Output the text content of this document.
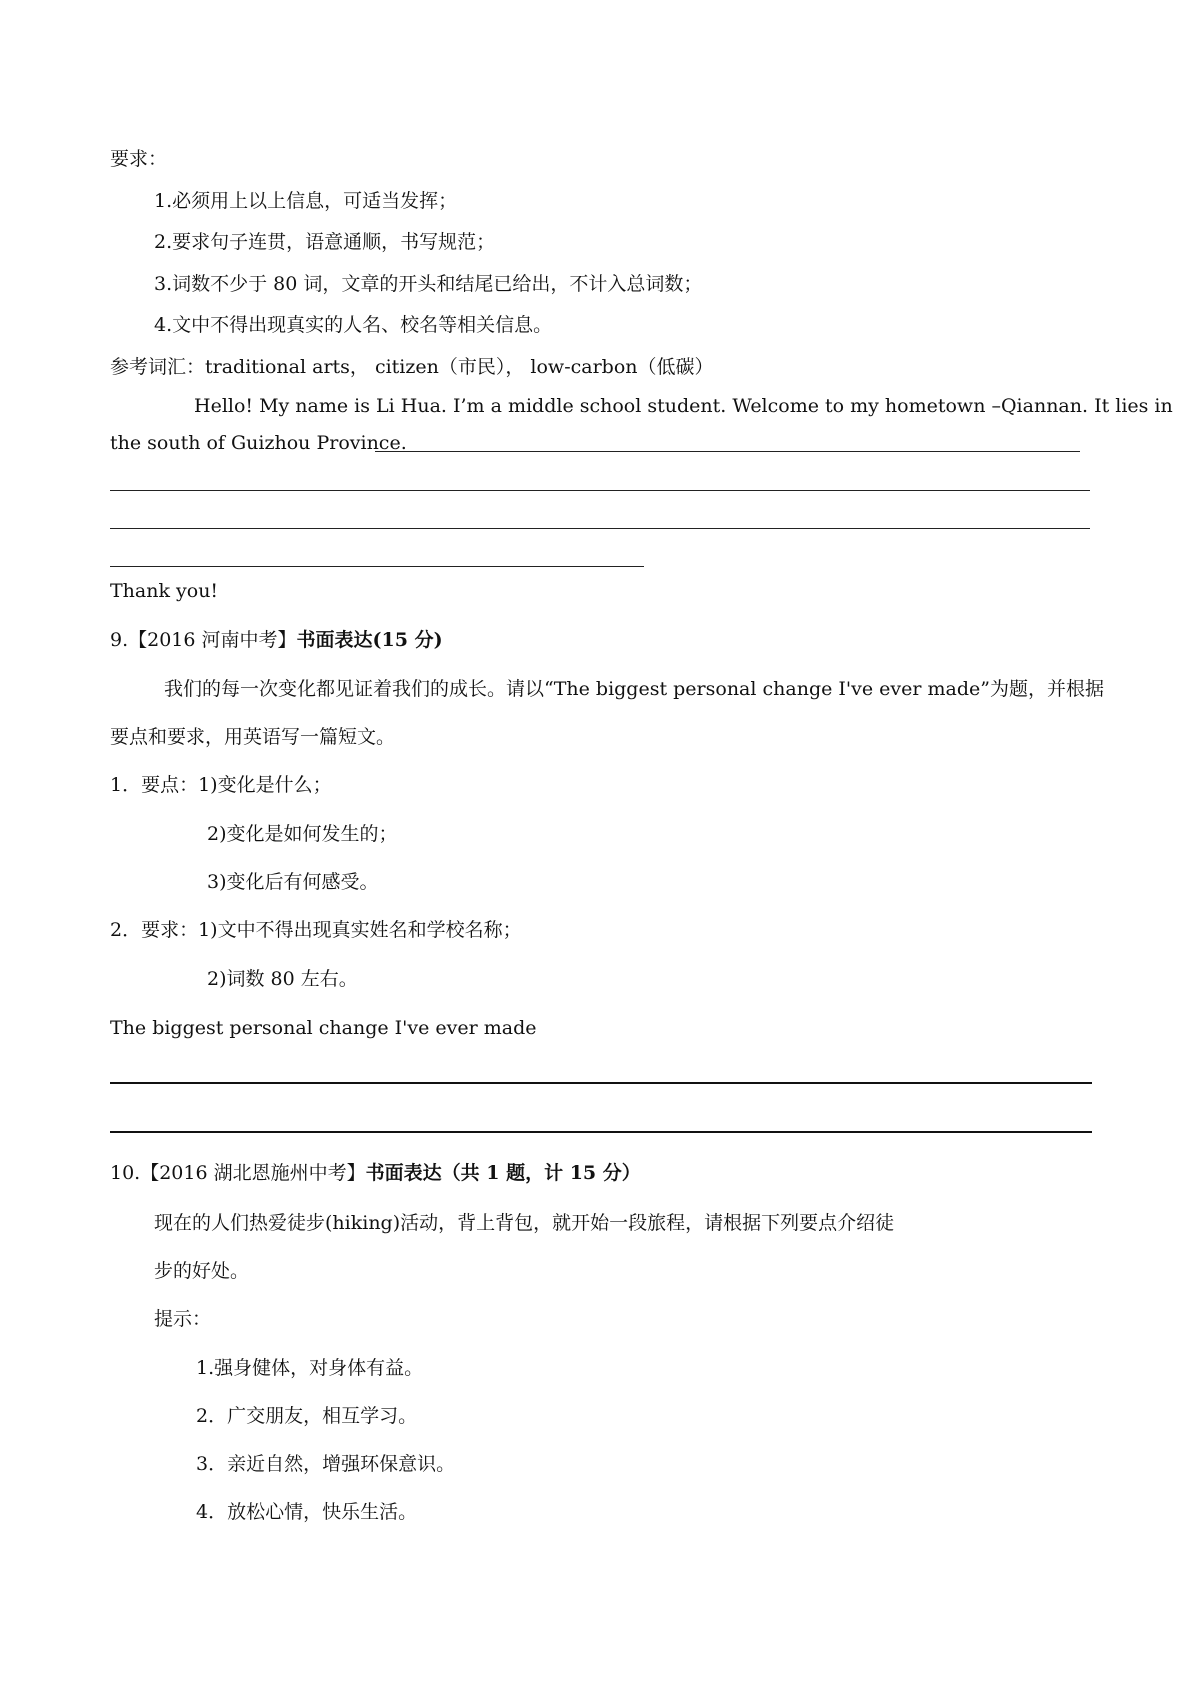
要求：
1.必须用上以上信息，可适当发挥；
2.要求句子连贯，语意通顺，书写规范；
3.词数不少于 80 词，文章的开头和结尾已给出，不计入总词数；
4.文中不得出现真实的人名、校名等相关信息。
参考词汇：traditional arts， citizen（市民）， low-carbon（低碳）
Hello! My name is Li Hua. I’m a middle school student. Welcome to my hometown –Qiannan. It lies in
the south of Guizhou Province.
Thank you!
9.【2016 河南中考】书面表达(15 分)
我们的每一次变化都见证着我们的成长。请以“The biggest personal change I've ever made”为题，并根据
要点和要求，用英语写一篇短文。
1．要点：1)变化是什么；
2)变化是如何发生的；
3)变化后有何感受。
2．要求：1)文中不得出现真实姓名和学校名称；
2)词数 80 左右。
The biggest personal change I've ever made
10.【2016 湖北恩施州中考】书面表达（共 1 题，计 15 分）
现在的人们热爱徒步(hiking)活动，背上背包，就开始一段旅程，请根据下列要点介绍徒
步的好处。
提示：
1.强身健体，对身体有益。
2．广交朋友，相互学习。
3．亲近自然，增强环保意识。
4．放松心情，快乐生活。
